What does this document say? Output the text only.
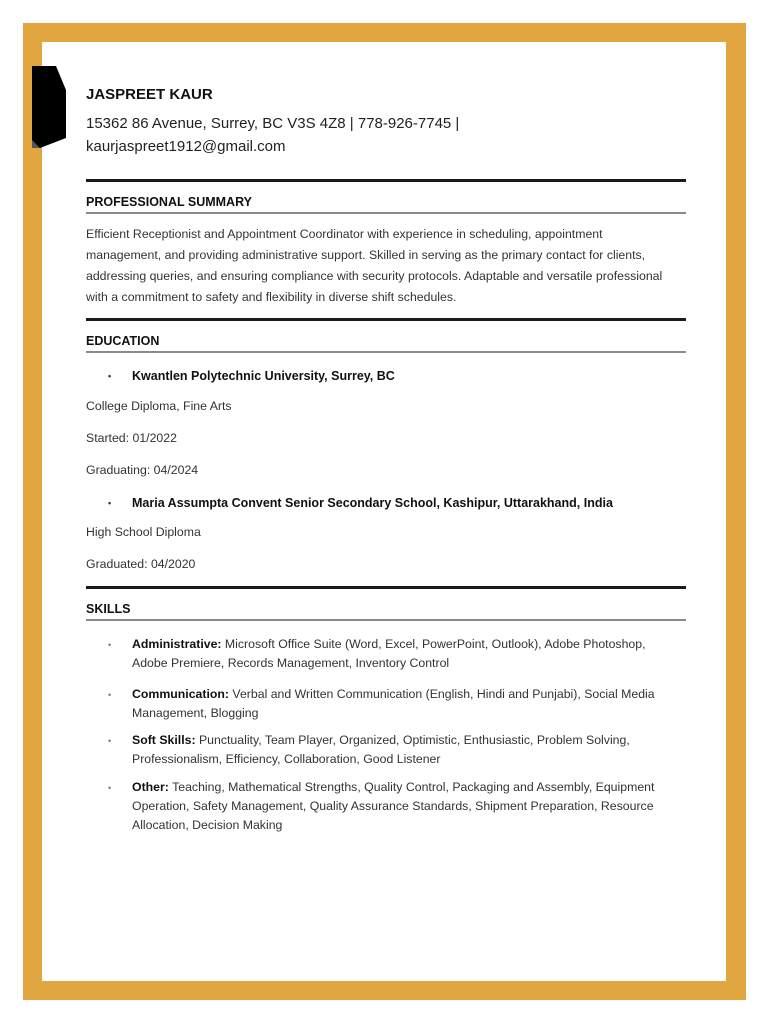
JASPREET KAUR
15362 86 Avenue, Surrey, BC V3S 4Z8 | 778-926-7745 |
kaurjaspreet1912@gmail.com
PROFESSIONAL SUMMARY
Efficient Receptionist and Appointment Coordinator with experience in scheduling, appointment
management, and providing administrative support. Skilled in serving as the primary contact for clients,
addressing queries, and ensuring compliance with security protocols. Adaptable and versatile professional
with a commitment to safety and flexibility in diverse shift schedules.
EDUCATION
•	Kwantlen Polytechnic University, Surrey, BC
College Diploma, Fine Arts
Started: 01/2022
Graduating: 04/2024
•	Maria Assumpta Convent Senior Secondary School, Kashipur, Uttarakhand, India
High School Diploma
Graduated: 04/2020
SKILLS
•	Administrative: Microsoft Office Suite (Word, Excel, PowerPoint, Outlook), Adobe Photoshop,
Adobe Premiere, Records Management, Inventory Control
•	Communication: Verbal and Written Communication (English, Hindi and Punjabi), Social Media
Management, Blogging
•	Soft Skills: Punctuality, Team Player, Organized, Optimistic, Enthusiastic, Problem Solving,
Professionalism, Efficiency, Collaboration, Good Listener
•	Other: Teaching, Mathematical Strengths, Quality Control, Packaging and Assembly, Equipment
Operation, Safety Management, Quality Assurance Standards, Shipment Preparation, Resource
Allocation, Decision Making
